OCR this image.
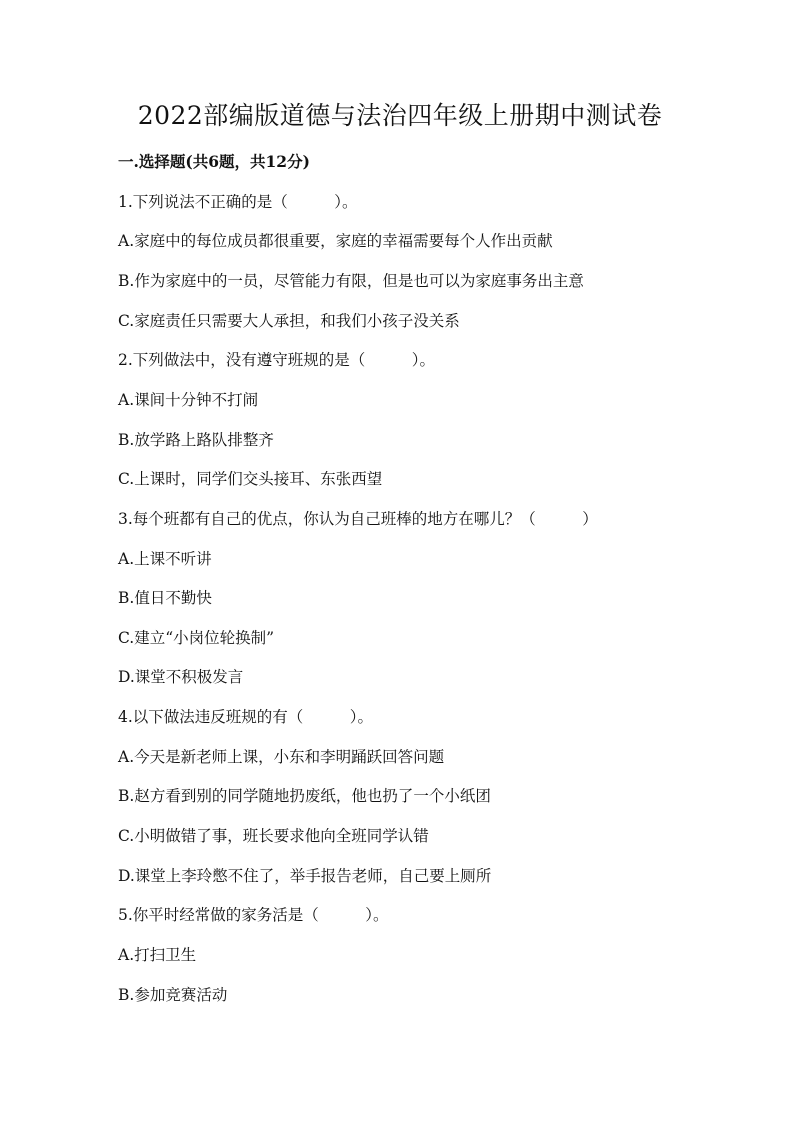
2022部编版道德与法治四年级上册期中测试卷
一.选择题(共6题，共12分)
1.下列说法不正确的是（　　　）。
A.家庭中的每位成员都很重要，家庭的幸福需要每个人作出贡献
B.作为家庭中的一员，尽管能力有限，但是也可以为家庭事务出主意
C.家庭责任只需要大人承担，和我们小孩子没关系
2.下列做法中，没有遵守班规的是（　　　）。
A.课间十分钟不打闹
B.放学路上路队排整齐
C.上课时，同学们交头接耳、东张西望
3.每个班都有自己的优点，你认为自己班棒的地方在哪儿？（　　　）
A.上课不听讲
B.值日不勤快
C.建立“小岗位轮换制”
D.课堂不积极发言
4.以下做法违反班规的有（　　　）。
A.今天是新老师上课，小东和李明踊跃回答问题
B.赵方看到别的同学随地扔废纸，他也扔了一个小纸团
C.小明做错了事，班长要求他向全班同学认错
D.课堂上李玲憋不住了，举手报告老师，自己要上厕所
5.你平时经常做的家务活是（　　　）。
A.打扫卫生
B.参加竞赛活动
